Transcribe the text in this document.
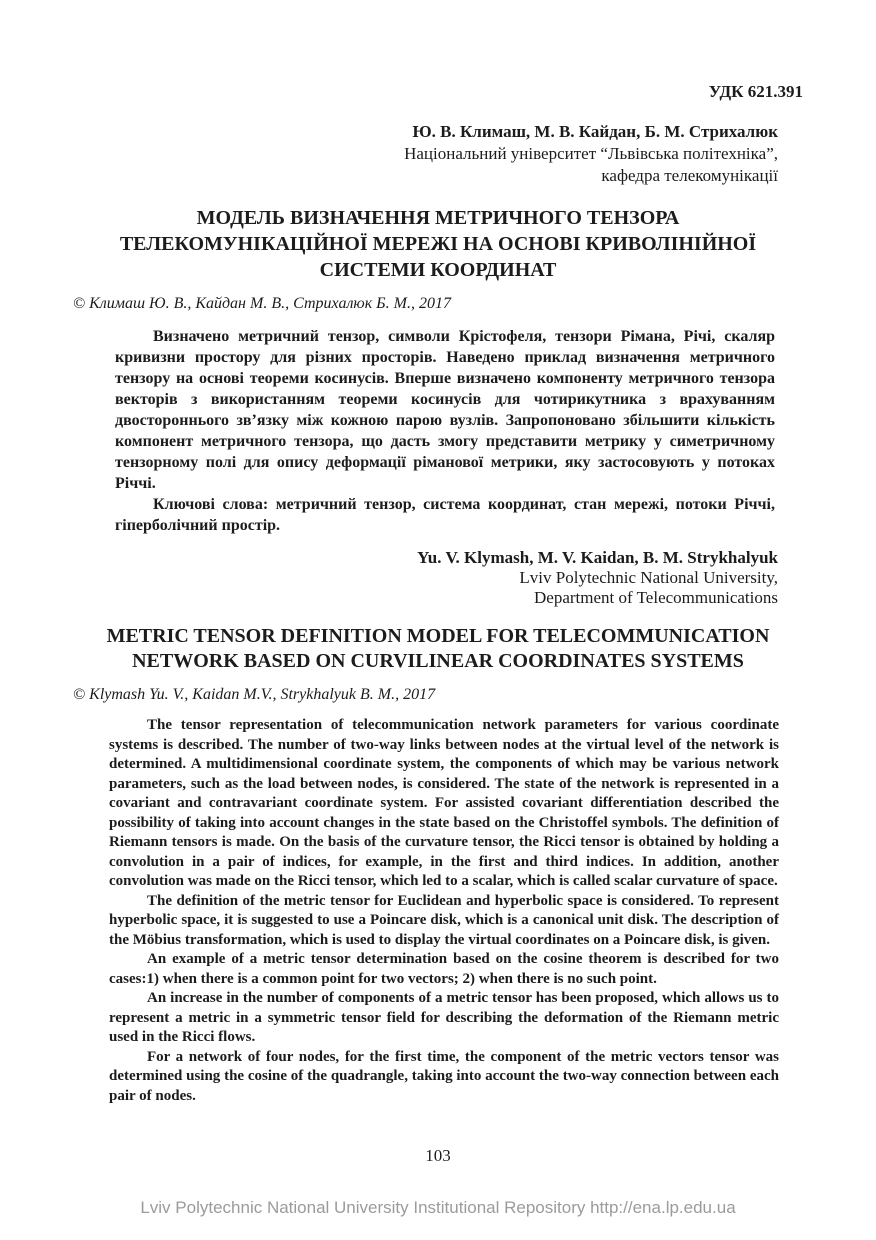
УДК 621.391
Ю. В. Климаш, М. В. Кайдан, Б. М. Стрихалюк
Національний університет “Львівська політехніка”,
кафедра телекомунікації
МОДЕЛЬ ВИЗНАЧЕННЯ МЕТРИЧНОГО ТЕНЗОРА ТЕЛЕКОМУНІКАЦІЙНОЇ МЕРЕЖІ НА ОСНОВІ КРИВОЛІНІЙНОЇ СИСТЕМИ КООРДИНАТ
© Климаш Ю. В., Кайдан М. В., Стрихалюк Б. М., 2017

Визначено метричний тензор, символи Крістофеля, тензори Рімана, Річі, скаляр кривизни простору для різних просторів. Наведено приклад визначення метричного тензору на основі теореми косинусів. Вперше визначено компоненту метричного тензора векторів з використанням теореми косинусів для чотирикутника з врахуванням двостороннього зв’язку між кожною парою вузлів. Запропоновано збільшити кількість компонент метричного тензора, що дасть змогу представити метрику у симетричному тензорному полі для опису деформації ріманової метрики, яку застосовують у потоках Річчі.

Ключові слова: метричний тензор, система координат, стан мережі, потоки Річчі, гіперболічний простір.

Yu. V. Klymash, M. V. Kaidan, B. M. Strykhalyuk
Lviv Polytechnic National University,
Department of Telecommunications
METRIC TENSOR DEFINITION MODEL FOR TELECOMMUNICATION NETWORK BASED ON CURVILINEAR COORDINATES SYSTEMS
© Klymash Yu. V., Kaidan M.V., Strykhalyuk B. M., 2017

The tensor representation of telecommunication network parameters for various coordinate systems is described. The number of two-way links between nodes at the virtual level of the network is determined. A multidimensional coordinate system, the components of which may be various network parameters, such as the load between nodes, is considered. The state of the network is represented in a covariant and contravariant coordinate system. For assisted covariant differentiation described the possibility of taking into account changes in the state based on the Christoffel symbols. The definition of Riemann tensors is made. On the basis of the curvature tensor, the Ricci tensor is obtained by holding a convolution in a pair of indices, for example, in the first and third indices. In addition, another convolution was made on the Ricci tensor, which led to a scalar, which is called scalar curvature of space.

The definition of the metric tensor for Euclidean and hyperbolic space is considered. To represent hyperbolic space, it is suggested to use a Poincare disk, which is a canonical unit disk. The description of the Möbius transformation, which is used to display the virtual coordinates on a Poincare disk, is given.

An example of a metric tensor determination based on the cosine theorem is described for two cases:1) when there is a common point for two vectors; 2) when there is no such point.

An increase in the number of components of a metric tensor has been proposed, which allows us to represent a metric in a symmetric tensor field for describing the deformation of the Riemann metric used in the Ricci flows.

For a network of four nodes, for the first time, the component of the metric vectors tensor was determined using the cosine of the quadrangle, taking into account the two-way connection between each pair of nodes.

103
Lviv Polytechnic National University Institutional Repository http://ena.lp.edu.ua
